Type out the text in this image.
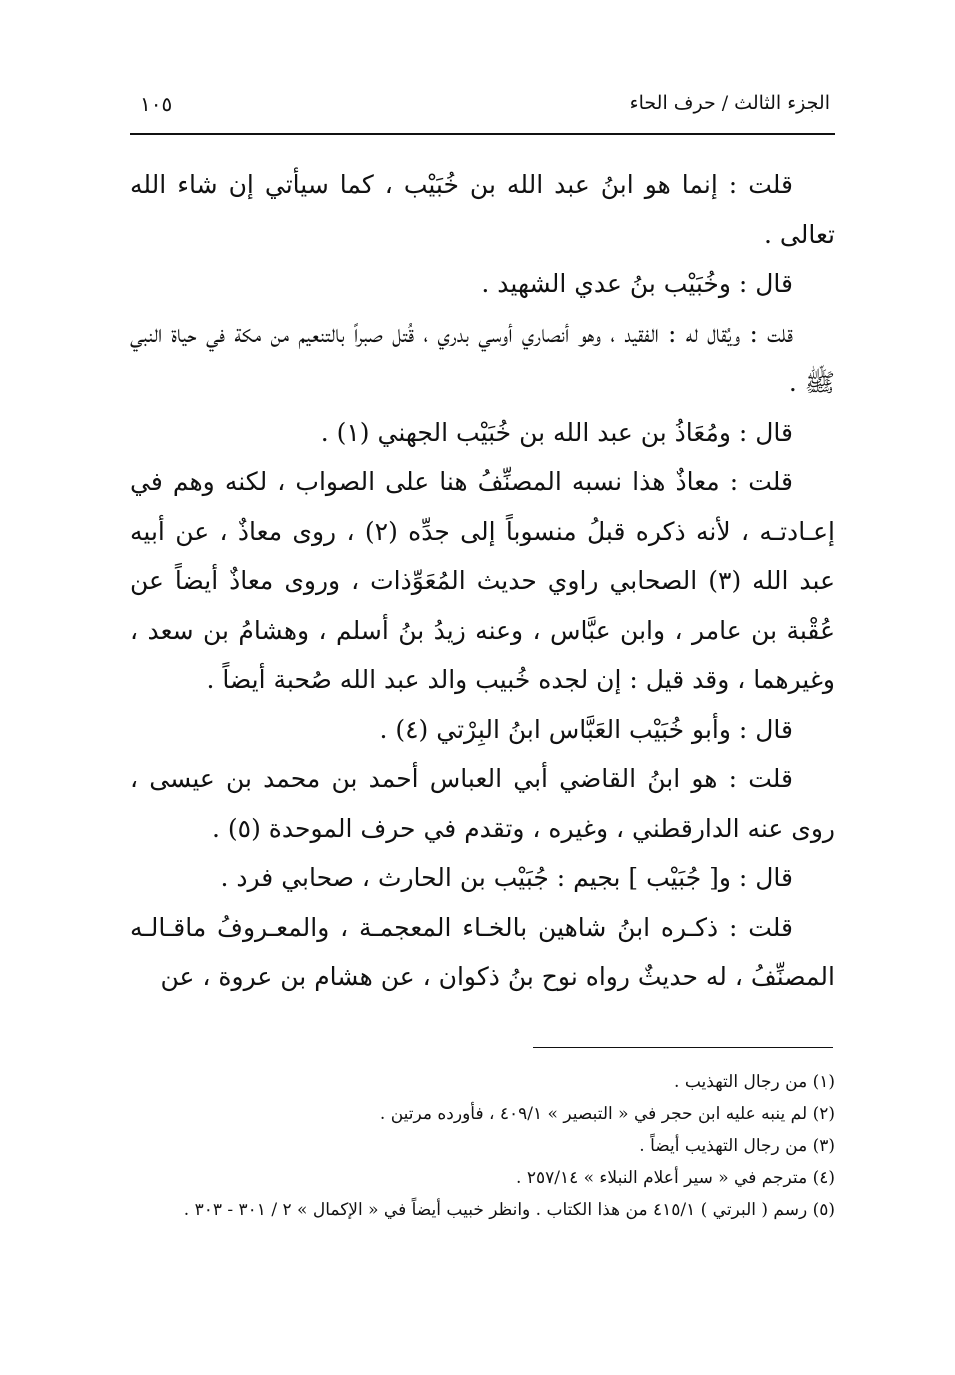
الجزء الثالث / حرف الحاء
١٠٥

قلت : إنما هو ابنُ عبد الله بن خُبَيْب ، كما سيأتي إن شاء الله تعالى .

قال : وخُبَيْب بنُ عدي الشهيد .

قلت : ويُقال له : الفقيد ، وهو أنصاري أوسي بدري ، قُتل صبراً بالتنعيم من مكة في حياة النبي ﷺ .

قال : ومُعَاذُ بن عبد الله بن خُبَيْب الجهني (١) .

قلت : معاذٌ هذا نسبه المصنِّفُ هنا على الصواب ، لكنه وهم في إعـادتـه ، لأنه ذكره قبلُ منسوباً إلى جدِّه (٢) ، روى معاذٌ ، عن أبيه عبد الله (٣) الصحابي راوي حديث المُعَوِّذات ، وروى معاذٌ أيضاً عن عُقْبة بن عامر ، وابن عبَّاس ، وعنه زيدُ بنُ أسلم ، وهشامُ بن سعد ، وغيرهما ، وقد قيل : إن لجده خُبيب والد عبد الله صُحبة أيضاً .

قال : وأبو خُبَيْب العَبَّاس ابنُ البِرْتي (٤) .

قلت : هو ابنُ القاضي أبي العباس أحمد بن محمد بن عيسى ، روى عنه الدارقطني ، وغيره ، وتقدم في حرف الموحدة (٥) .

قال : و[ جُبَيْب ] بجيم : جُبَيْب بن الحارث ، صحابي فرد .

قلت : ذكـره ابنُ شاهين بالخـاء المعجمـة ، والمعـروفُ ماقـالـه المصنِّفُ ، له حديثٌ رواه نوح بنُ ذكوان ، عن هشام بن عروة ، عن

(١) من رجال التهذيب .

(٢) لم ينبه عليه ابن حجر في « التبصير » ٤٠٩/١ ، فأورده مرتين .

(٣) من رجال التهذيب أيضاً .

(٤) مترجم في « سير أعلام النبلاء » ٢٥٧/١٤ .

(٥) رسم ( البرتي ) ٤١٥/١ من هذا الكتاب . وانظر خبيب أيضاً في « الإكمال » ٢ / ٣٠١ - ٣٠٣ .
